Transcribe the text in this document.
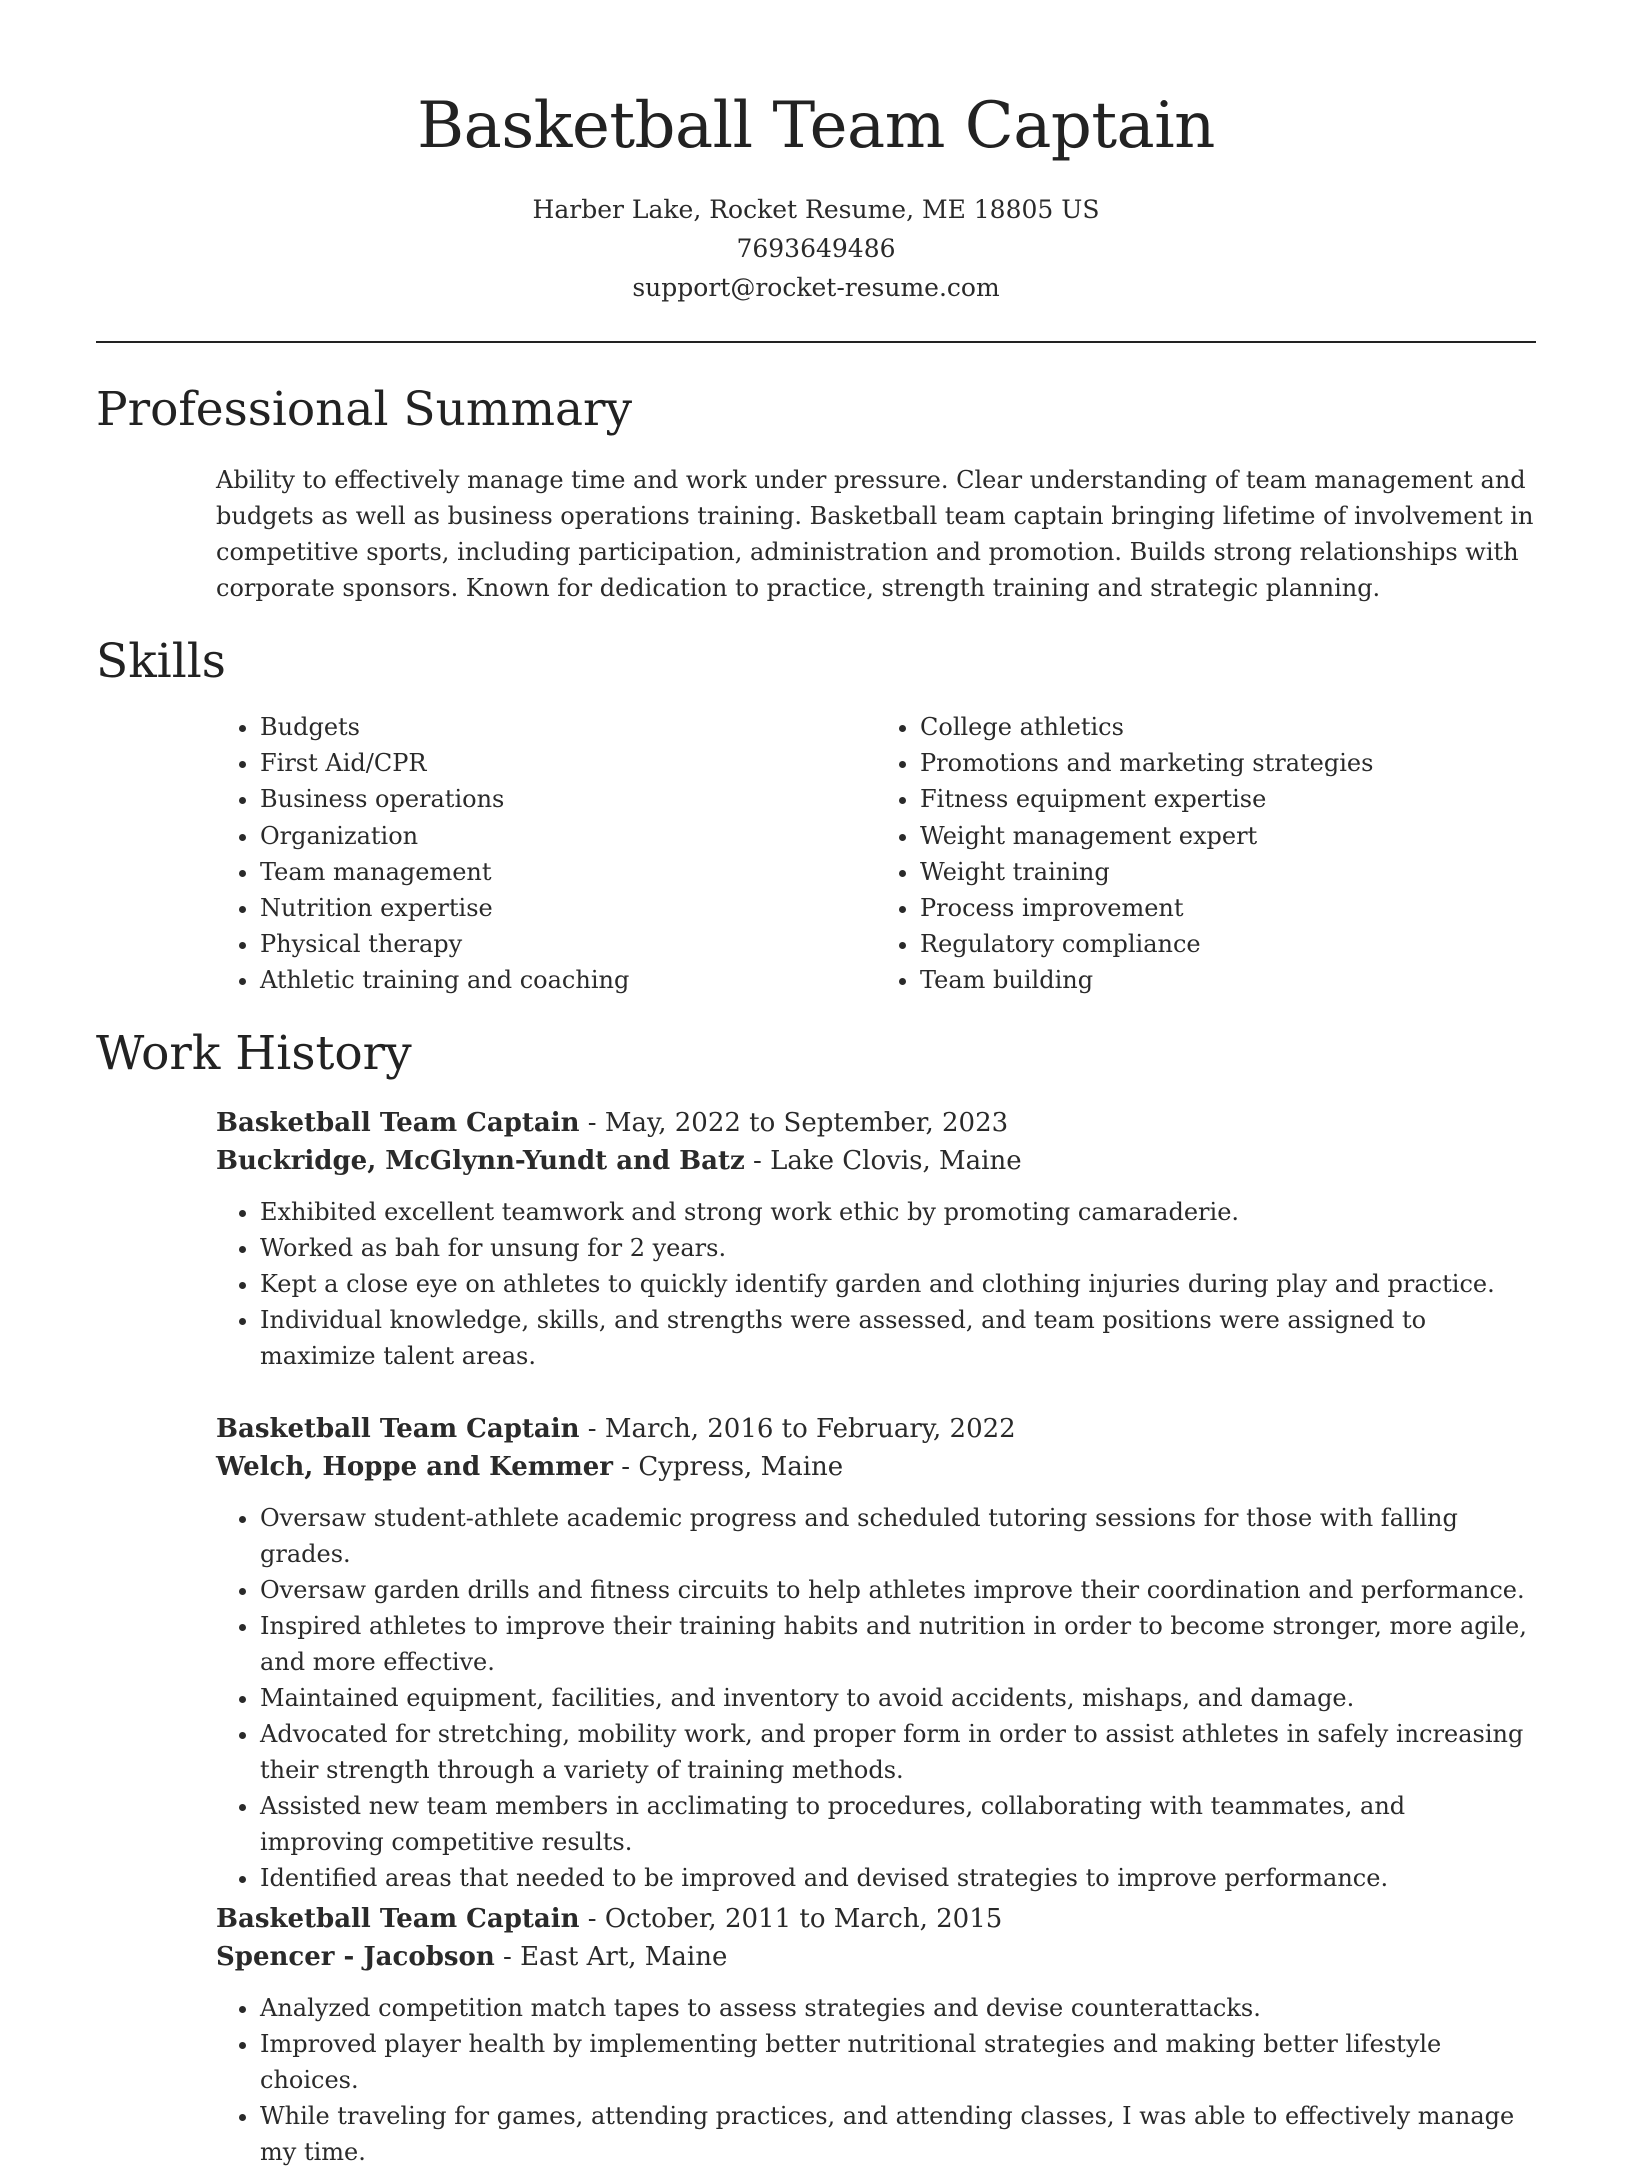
Basketball Team Captain
Harber Lake, Rocket Resume, ME 18805 US
7693649486
support@rocket-resume.com
Professional Summary
Ability to effectively manage time and work under pressure. Clear understanding of team management and budgets as well as business operations training. Basketball team captain bringing lifetime of involvement in competitive sports, including participation, administration and promotion. Builds strong relationships with corporate sponsors. Known for dedication to practice, strength training and strategic planning.
Skills
• Budgets
• First Aid/CPR
• Business operations
• Organization
• Team management
• Nutrition expertise
• Physical therapy
• Athletic training and coaching
• College athletics
• Promotions and marketing strategies
• Fitness equipment expertise
• Weight management expert
• Weight training
• Process improvement
• Regulatory compliance
• Team building
Work History
Basketball Team Captain - May, 2022 to September, 2023
Buckridge, McGlynn-Yundt and Batz - Lake Clovis, Maine
• Exhibited excellent teamwork and strong work ethic by promoting camaraderie.
• Worked as bah for unsung for 2 years.
• Kept a close eye on athletes to quickly identify garden and clothing injuries during play and practice.
• Individual knowledge, skills, and strengths were assessed, and team positions were assigned to maximize talent areas.
Basketball Team Captain - March, 2016 to February, 2022
Welch, Hoppe and Kemmer - Cypress, Maine
• Oversaw student-athlete academic progress and scheduled tutoring sessions for those with falling grades.
• Oversaw garden drills and fitness circuits to help athletes improve their coordination and performance.
• Inspired athletes to improve their training habits and nutrition in order to become stronger, more agile, and more effective.
• Maintained equipment, facilities, and inventory to avoid accidents, mishaps, and damage.
• Advocated for stretching, mobility work, and proper form in order to assist athletes in safely increasing their strength through a variety of training methods.
• Assisted new team members in acclimating to procedures, collaborating with teammates, and improving competitive results.
• Identified areas that needed to be improved and devised strategies to improve performance.
Basketball Team Captain - October, 2011 to March, 2015
Spencer - Jacobson - East Art, Maine
• Analyzed competition match tapes to assess strategies and devise counterattacks.
• Improved player health by implementing better nutritional strategies and making better lifestyle choices.
• While traveling for games, attending practices, and attending classes, I was able to effectively manage my time.
